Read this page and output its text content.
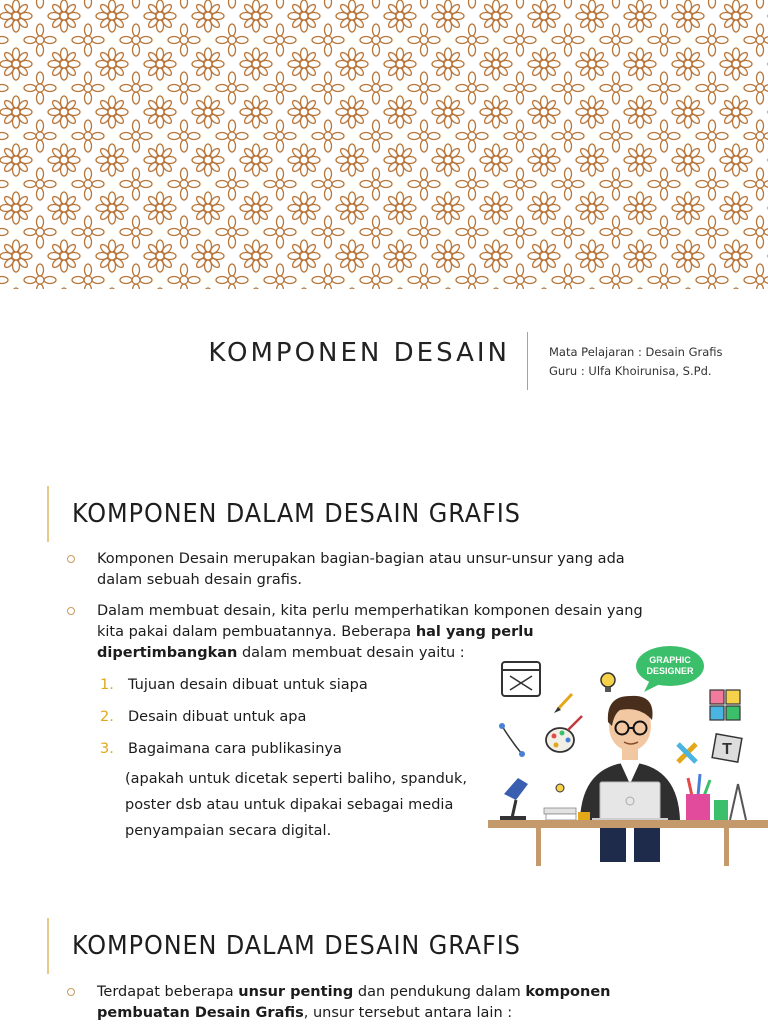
KOMPONEN DESAIN	Mata Pelajaran : Desain Grafis
Guru : Ulfa Khoirunisa, S.Pd.
KOMPONEN DALAM DESAIN GRAFIS
Komponen Desain merupakan bagian-bagian atau unsur-unsur yang ada dalam sebuah desain grafis.
Dalam membuat desain, kita perlu memperhatikan komponen desain yang kita pakai dalam pembuatannya. Beberapa hal yang perlu dipertimbangkan dalam membuat desain yaitu :
1. Tujuan desain dibuat untuk siapa
2. Desain dibuat untuk apa
3. Bagaimana cara publikasinya
(apakah untuk dicetak seperti baliho, spanduk, poster dsb atau untuk dipakai sebagai media penyampaian secara digital.
GRAPHIC
DESIGNER
T
KOMPONEN DALAM DESAIN GRAFIS
Terdapat beberapa unsur penting dan pendukung dalam komponen pembuatan Desain Grafis, unsur tersebut antara lain :
